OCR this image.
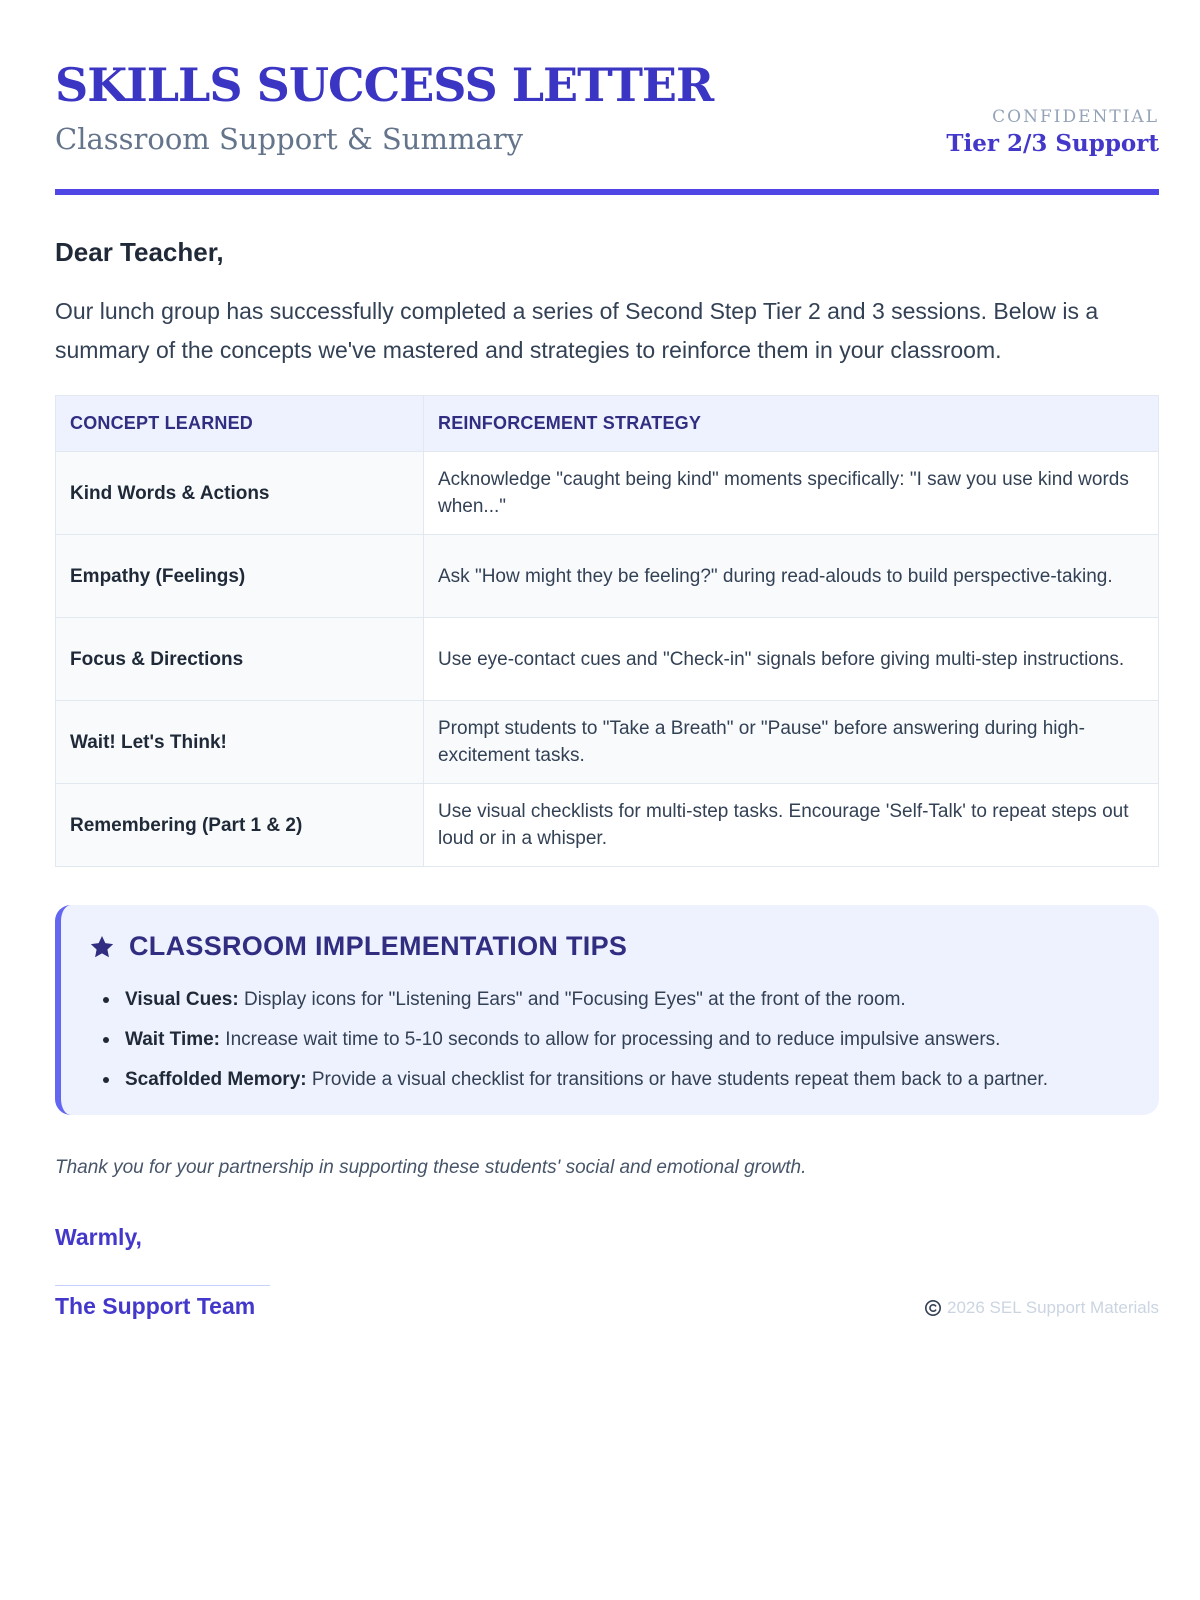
SKILLS SUCCESS LETTER
Classroom Support & Summary
CONFIDENTIAL
Tier 2/3 Support
Dear Teacher,

Our lunch group has successfully completed a series of Second Step Tier 2 and 3 sessions. Below is a summary of the concepts we've mastered and strategies to reinforce them in your classroom.

CONCEPT LEARNED	REINFORCEMENT STRATEGY
Kind Words & Actions	Acknowledge "caught being kind" moments specifically: "I saw you use kind words when..."
Empathy (Feelings)	Ask "How might they be feeling?" during read-alouds to build perspective-taking.
Focus & Directions	Use eye-contact cues and "Check-in" signals before giving multi-step instructions.
Wait! Let's Think!	Prompt students to "Take a Breath" or "Pause" before answering during high-excitement tasks.
Remembering (Part 1 & 2)	Use visual checklists for multi-step tasks. Encourage 'Self-Talk' to repeat steps out loud or in a whisper.
CLASSROOM IMPLEMENTATION TIPS
Visual Cues: Display icons for "Listening Ears" and "Focusing Eyes" at the front of the room.
Wait Time: Increase wait time to 5-10 seconds to allow for processing and to reduce impulsive answers.
Scaffolded Memory: Provide a visual checklist for transitions or have students repeat them back to a partner.
Thank you for your partnership in supporting these students' social and emotional growth.
Warmly,
The Support Team	2026 SEL Support Materials
